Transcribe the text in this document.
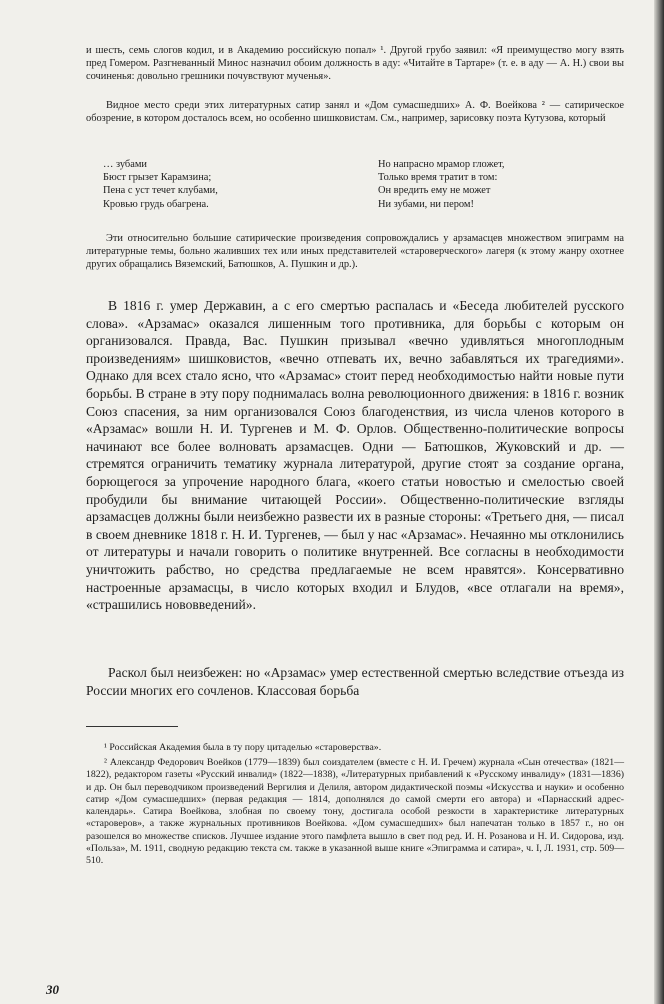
и шесть, семь слогов кодил, и в Академию российскую попал» ¹. Другой грубо заявил: «Я преимущество могу взять пред Гомером. Разгневанный Минос назначил обоим должность в аду: «Читайте в Тартаре» (т. е. в аду — А. Н.) свои вы сочиненья: довольно грешники почувствуют мученья».

Видное место среди этих литературных сатир занял и «Дом сумасшедших» А. Ф. Воейкова ² — сатирическое обозрение, в котором досталось всем, но особенно шишковистам. См., например, зарисовку поэта Кутузова, который

… зубами
Бюст грызет Карамзина;
Пена с уст течет клубами,
Кровью грудь обагрена.
Но напрасно мрамор гложет,
Только время тратит в том:
Он вредить ему не может
Ни зубами, ни пером!

Эти относительно большие сатирические произведения сопровождались у арзамасцев множеством эпиграмм на литературные темы, больно жаливших тех или иных представителей «староверческого» лагеря (к этому жанру охотнее других обращались Вяземский, Батюшков, А. Пушкин и др.).

В 1816 г. умер Державин, а с его смертью распалась и «Беседа любителей русского слова». «Арзамас» оказался лишенным того противника, для борьбы с которым он организовался. Правда, Вас. Пушкин призывал «вечно удивляться многоплодным произведениям» шишковистов, «вечно отпевать их, вечно забавляться их трагедиями». Однако для всех стало ясно, что «Арзамас» стоит перед необходимостью найти новые пути борьбы. В стране в эту пору поднималась волна революционного движения: в 1816 г. возник Союз спасения, за ним организовался Союз благоденствия, из числа членов которого в «Арзамас» вошли Н. И. Тургенев и М. Ф. Орлов. Общественно-политические вопросы начинают все более волновать арзамасцев. Одни — Батюшков, Жуковский и др. — стремятся ограничить тематику журнала литературой, другие стоят за создание органа, борющегося за упрочение народного блага, «коего статьи новостью и смелостью своей пробудили бы внимание читающей России». Общественно-политические взгляды арзамасцев должны были неизбежно развести их в разные стороны: «Третьего дня, — писал в своем дневнике 1818 г. Н. И. Тургенев, — был у нас «Арзамас». Нечаянно мы отклонились от литературы и начали говорить о политике внутренней. Все согласны в необходимости уничтожить рабство, но средства предлагаемые не всем нравятся». Консервативно настроенные арзамасцы, в число которых входил и Блудов, «все отлагали на время», «страшились нововведений».

Раскол был неизбежен: но «Арзамас» умер естественной смертью вследствие отъезда из России многих его сочленов. Классовая борьба

¹ Российская Академия была в ту пору цитаделью «староверства».

² Александр Федорович Воейков (1779—1839) был соиздателем (вместе с Н. И. Гречем) журнала «Сын отечества» (1821—1822), редактором газеты «Русский инвалид» (1822—1838), «Литературных прибавлений к «Русскому инвалиду» (1831—1836) и др. Он был переводчиком произведений Вергилия и Делиля, автором дидактической поэмы «Искусства и науки» и особенно сатир «Дом сумасшедших» (первая редакция — 1814, дополнялся до самой смерти его автора) и «Парнасский адрес-календарь». Сатира Воейкова, злобная по своему тону, достигала особой резкости в характеристике литературных «староверов», а также журнальных противников Воейкова. «Дом сумасшедших» был напечатан только в 1857 г., но он разошелся во множестве списков. Лучшее издание этого памфлета вышло в свет под ред. И. Н. Розанова и Н. И. Сидорова, изд. «Польза», М. 1911, сводную редакцию текста см. также в указанной выше книге «Эпиграмма и сатира», ч. I, Л. 1931, стр. 509—510.

30
